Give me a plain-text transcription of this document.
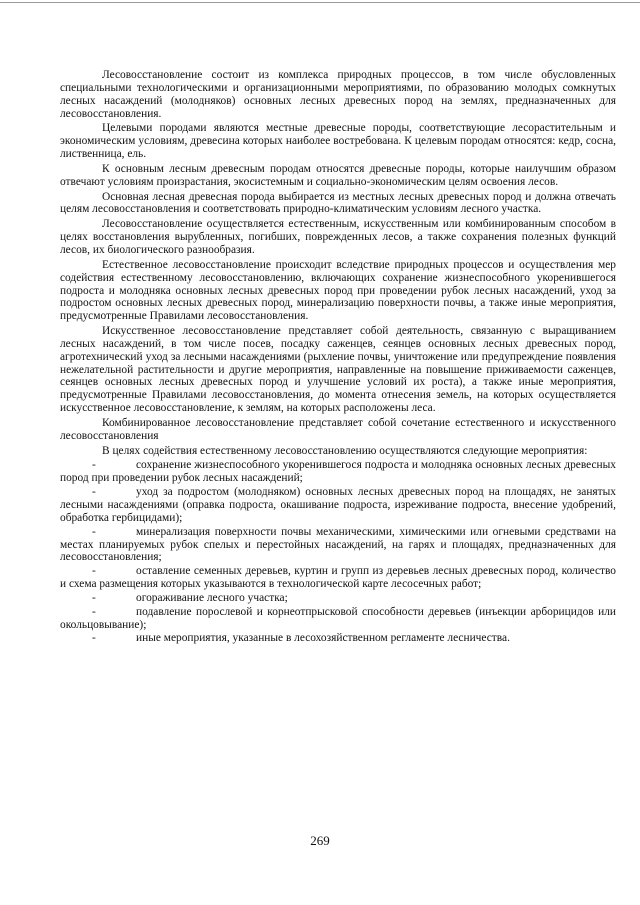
Лесовосстановление состоит из комплекса природных процессов, в том числе обусловленных специальными технологическими и организационными мероприятиями, по образованию молодых сомкнутых лесных насаждений (молодняков) основных лесных древесных пород на землях, предназначенных для лесовосстановления.

Целевыми породами являются местные древесные породы, соответствующие лесорастительным и экономическим условиям, древесина которых наиболее востребована. К целевым породам относятся: кедр, сосна, лиственница, ель.

К основным лесным древесным породам относятся древесные породы, которые наилучшим образом отвечают условиям произрастания, экосистемным и социально-экономическим целям освоения лесов.

Основная лесная древесная порода выбирается из местных лесных древесных пород и должна отвечать целям лесовосстановления и соответствовать природно-климатическим условиям лесного участка.

Лесовосстановление осуществляется естественным, искусственным или комбинированным способом в целях восстановления вырубленных, погибших, поврежденных лесов, а также сохранения полезных функций лесов, их биологического разнообразия.

Естественное лесовосстановление происходит вследствие природных процессов и осуществления мер содействия естественному лесовосстановлению, включающих сохранение жизнеспособного укоренившегося подроста и молодняка основных лесных древесных пород при проведении рубок лесных насаждений, уход за подростом основных лесных древесных пород, минерализацию поверхности почвы, а также иные мероприятия, предусмотренные Правилами лесовосстановления.

Искусственное лесовосстановление представляет собой деятельность, связанную с выращиванием лесных насаждений, в том числе посев, посадку саженцев, сеянцев основных лесных древесных пород, агротехнический уход за лесными насаждениями (рыхление почвы, уничтожение или предупреждение появления нежелательной растительности и другие мероприятия, направленные на повышение приживаемости саженцев, сеянцев основных лесных древесных пород и улучшение условий их роста), а также иные мероприятия, предусмотренные Правилами лесовосстановления, до момента отнесения земель, на которых осуществляется искусственное лесовосстановление, к землям, на которых расположены леса.

Комбинированное лесовосстановление представляет собой сочетание естественного и искусственного лесовосстановления

В целях содействия естественному лесовосстановлению осуществляются следующие мероприятия:

-	сохранение жизнеспособного укоренившегося подроста и молодняка основных лесных древесных пород при проведении рубок лесных насаждений;

-	уход за подростом (молодняком) основных лесных древесных пород на площадях, не занятых лесными насаждениями (оправка подроста, окашивание подроста, изреживание подроста, внесение удобрений, обработка гербицидами);

-	минерализация поверхности почвы механическими, химическими или огневыми средствами на местах планируемых рубок спелых и перестойных насаждений, на гарях и площадях, предназначенных для лесовосстановления;

-	оставление семенных деревьев, куртин и групп из деревьев лесных древесных пород, количество и схема размещения которых указываются в технологической карте лесосечных работ;

-	огораживание лесного участка;

-	подавление порослевой и корнеотпрысковой способности деревьев (инъекции арборицидов или окольцовывание);

-	иные мероприятия, указанные в лесохозяйственном регламенте лесничества.

269
